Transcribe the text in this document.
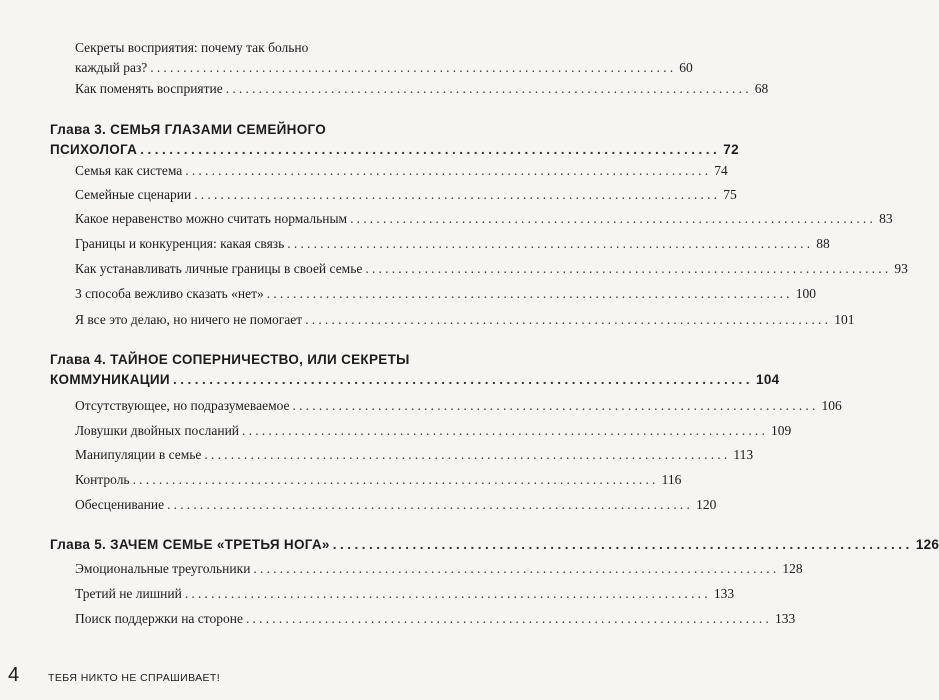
Секреты восприятия: почему так больно
каждый раз? ................................................................................ 60
Как поменять восприятие ................................................................................ 68
Глава 3. СЕМЬЯ ГЛАЗАМИ СЕМЕЙНОГО
ПСИХОЛОГА ................................................................................ 72
Семья как система ................................................................................ 74
Семейные сценарии ................................................................................ 75
Какое неравенство можно считать нормальным ................................................................................ 83
Границы и конкуренция: какая связь ................................................................................ 88
Как устанавливать личные границы в своей семье ................................................................................ 93
3 способа вежливо сказать «нет» ................................................................................ 100
Я все это делаю, но ничего не помогает ................................................................................ 101
Глава 4. ТАЙНОЕ СОПЕРНИЧЕСТВО, ИЛИ СЕКРЕТЫ
КОММУНИКАЦИИ ................................................................................ 104
Отсутствующее, но подразумеваемое ................................................................................ 106
Ловушки двойных посланий ................................................................................ 109
Манипуляции в семье ................................................................................ 113
Контроль ................................................................................ 116
Обесценивание ................................................................................ 120
Глава 5. ЗАЧЕМ СЕМЬЕ «ТРЕТЬЯ НОГА» ................................................................................ 126
Эмоциональные треугольники ................................................................................ 128
Третий не лишний ................................................................................ 133
Поиск поддержки на стороне ................................................................................ 133
4	ТЕБЯ НИКТО НЕ СПРАШИВАЕТ!
